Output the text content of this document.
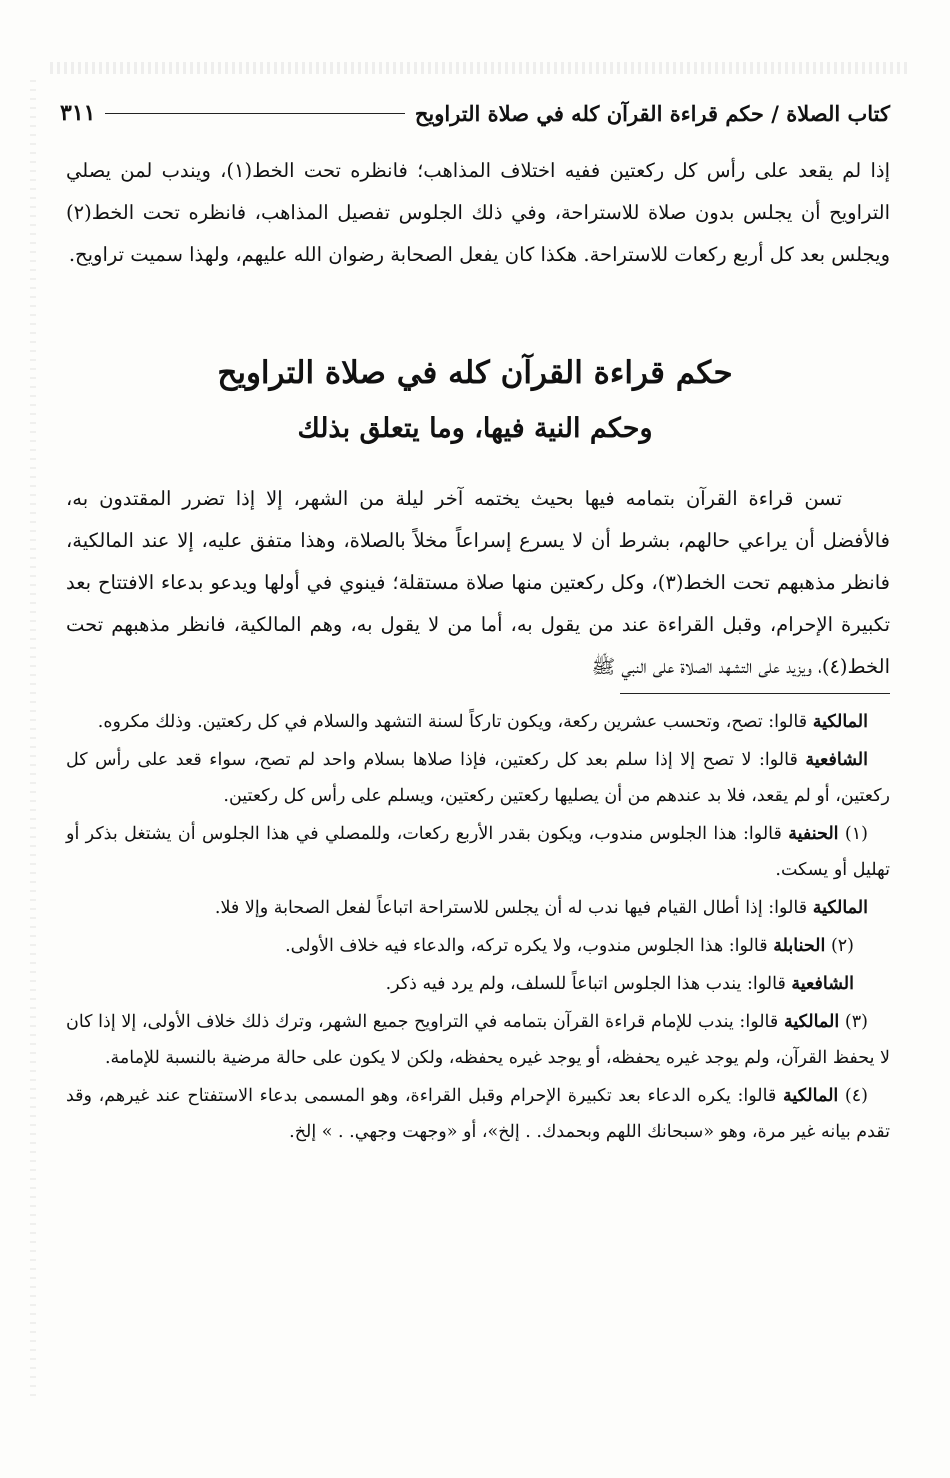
كتاب الصلاة / حكم قراءة القرآن كله في صلاة التراويح
٣١١
إذا لم يقعد على رأس كل ركعتين ففيه اختلاف المذاهب؛ فانظره تحت الخط(١)، ويندب لمن يصلي التراويح أن يجلس بدون صلاة للاستراحة، وفي ذلك الجلوس تفصيل المذاهب، فانظره تحت الخط(٢) ويجلس بعد كل أربع ركعات للاستراحة. هكذا كان يفعل الصحابة رضوان الله عليهم، ولهذا سميت تراويح.
حكم قراءة القرآن كله في صلاة التراويح
وحكم النية فيها، وما يتعلق بذلك
تسن قراءة القرآن بتمامه فيها بحيث يختمه آخر ليلة من الشهر، إلا إذا تضرر المقتدون به، فالأفضل أن يراعي حالهم، بشرط أن لا يسرع إسراعاً مخلاً بالصلاة، وهذا متفق عليه، إلا عند المالكية، فانظر مذهبهم تحت الخط(٣)، وكل ركعتين منها صلاة مستقلة؛ فينوي في أولها ويدعو بدعاء الافتتاح بعد تكبيرة الإحرام، وقبل القراءة عند من يقول به، أما من لا يقول به، وهم المالكية، فانظر مذهبهم تحت الخط(٤)، ويزيد على التشهد الصلاة على النبي ﷺ

المالكية قالوا: تصح، وتحسب عشرين ركعة، ويكون تاركاً لسنة التشهد والسلام في كل ركعتين. وذلك مكروه.

الشافعية قالوا: لا تصح إلا إذا سلم بعد كل ركعتين، فإذا صلاها بسلام واحد لم تصح، سواء قعد على رأس كل ركعتين، أو لم يقعد، فلا بد عندهم من أن يصليها ركعتين ركعتين، ويسلم على رأس كل ركعتين.

(١) الحنفية قالوا: هذا الجلوس مندوب، ويكون بقدر الأربع ركعات، وللمصلي في هذا الجلوس أن يشتغل بذكر أو تهليل أو يسكت.

المالكية قالوا: إذا أطال القيام فيها ندب له أن يجلس للاستراحة اتباعاً لفعل الصحابة وإلا فلا.

(٢) الحنابلة قالوا: هذا الجلوس مندوب، ولا يكره تركه، والدعاء فيه خلاف الأولى.

الشافعية قالوا: يندب هذا الجلوس اتباعاً للسلف، ولم يرد فيه ذكر.

(٣) المالكية قالوا: يندب للإمام قراءة القرآن بتمامه في التراويح جميع الشهر، وترك ذلك خلاف الأولى، إلا إذا كان لا يحفظ القرآن، ولم يوجد غيره يحفظه، أو يوجد غيره يحفظه، ولكن لا يكون على حالة مرضية بالنسبة للإمامة.

(٤) المالكية قالوا: يكره الدعاء بعد تكبيرة الإحرام وقبل القراءة، وهو المسمى بدعاء الاستفتاح عند غيرهم، وقد تقدم بيانه غير مرة، وهو «سبحانك اللهم وبحمدك. . إلخ»، أو «وجهت وجهي. . » إلخ.
